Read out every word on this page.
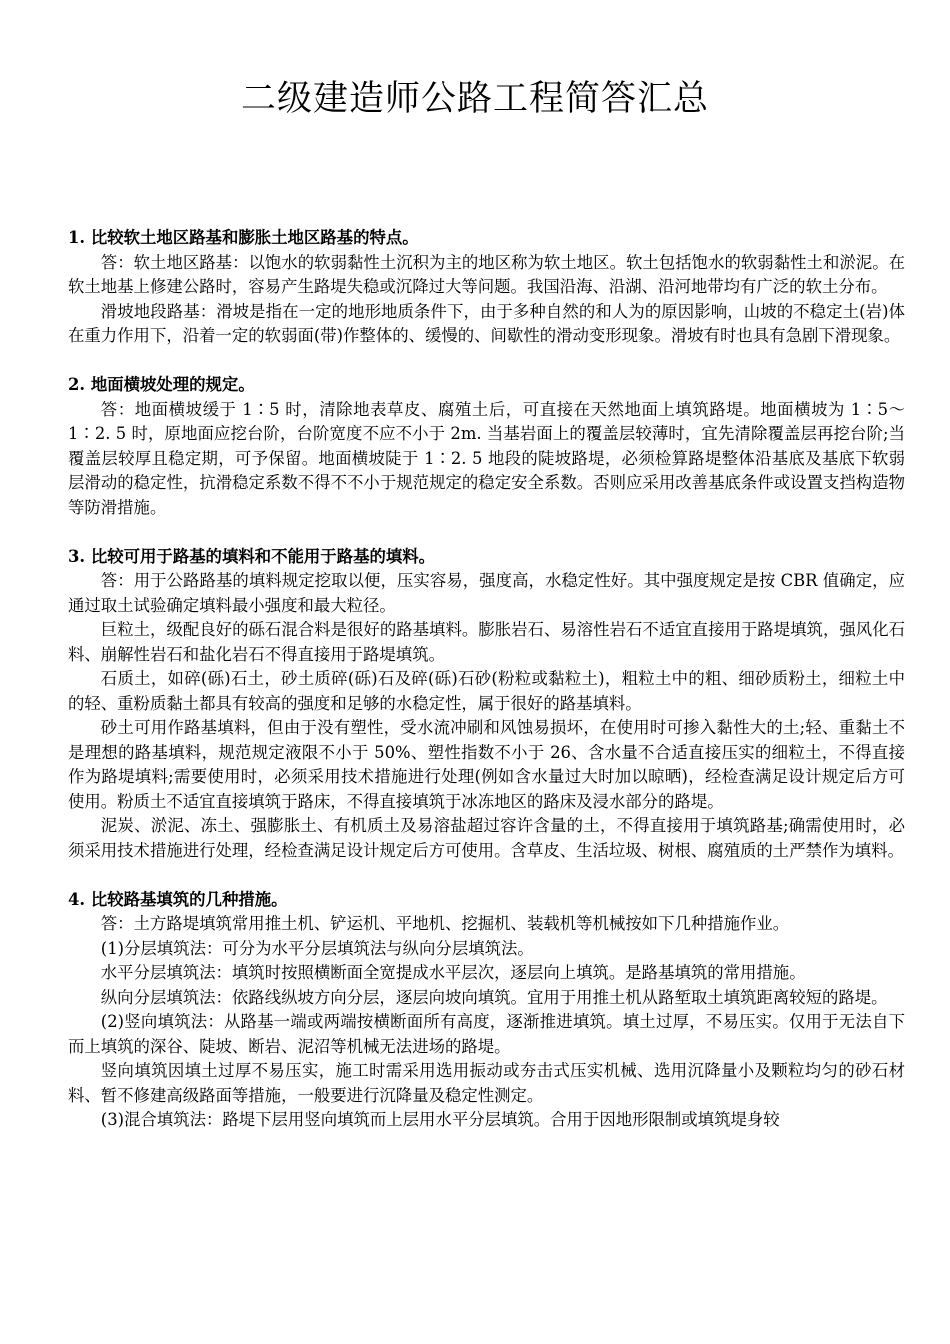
二级建造师公路工程简答汇总

1. 比较软土地区路基和膨胀土地区路基的特点。

答：软土地区路基：以饱水的软弱黏性土沉积为主的地区称为软土地区。软土包括饱水的软弱黏性土和淤泥。在软土地基上修建公路时，容易产生路堤失稳或沉降过大等问题。我国沿海、沿湖、沿河地带均有广泛的软土分布。

滑坡地段路基：滑坡是指在一定的地形地质条件下，由于多种自然的和人为的原因影响，山坡的不稳定土(岩)体在重力作用下，沿着一定的软弱面(带)作整体的、缓慢的、间歇性的滑动变形现象。滑坡有时也具有急剧下滑现象。

2. 地面横坡处理的规定。

答：地面横坡缓于 1∶5 时，清除地表草皮、腐殖土后，可直接在天然地面上填筑路堤。地面横坡为 1∶5～1∶2. 5 时，原地面应挖台阶，台阶宽度不应不小于 2m. 当基岩面上的覆盖层较薄时，宜先清除覆盖层再挖台阶;当覆盖层较厚且稳定期，可予保留。地面横坡陡于 1∶2. 5 地段的陡坡路堤，必须检算路堤整体沿基底及基底下软弱层滑动的稳定性，抗滑稳定系数不得不不小于规范规定的稳定安全系数。否则应采用改善基底条件或设置支挡构造物等防滑措施。

3. 比较可用于路基的填料和不能用于路基的填料。

答：用于公路路基的填料规定挖取以便，压实容易，强度高，水稳定性好。其中强度规定是按 CBR 值确定，应通过取土试验确定填料最小强度和最大粒径。

巨粒土，级配良好的砾石混合料是很好的路基填料。膨胀岩石、易溶性岩石不适宜直接用于路堤填筑，强风化石料、崩解性岩石和盐化岩石不得直接用于路堤填筑。

石质土，如碎(砾)石土，砂土质碎(砾)石及碎(砾)石砂(粉粒或黏粒土)，粗粒土中的粗、细砂质粉土，细粒土中的轻、重粉质黏土都具有较高的强度和足够的水稳定性，属于很好的路基填料。

砂土可用作路基填料，但由于没有塑性，受水流冲刷和风蚀易损坏，在使用时可掺入黏性大的土;轻、重黏土不是理想的路基填料，规范规定液限不小于 50%、塑性指数不小于 26、含水量不合适直接压实的细粒土，不得直接作为路堤填料;需要使用时，必须采用技术措施进行处理(例如含水量过大时加以晾晒)，经检查满足设计规定后方可使用。粉质土不适宜直接填筑于路床，不得直接填筑于冰冻地区的路床及浸水部分的路堤。

泥炭、淤泥、冻土、强膨胀土、有机质土及易溶盐超过容许含量的土，不得直接用于填筑路基;确需使用时，必须采用技术措施进行处理，经检查满足设计规定后方可使用。含草皮、生活垃圾、树根、腐殖质的土严禁作为填料。

4. 比较路基填筑的几种措施。

答：土方路堤填筑常用推土机、铲运机、平地机、挖掘机、装载机等机械按如下几种措施作业。

(1)分层填筑法：可分为水平分层填筑法与纵向分层填筑法。

水平分层填筑法：填筑时按照横断面全宽提成水平层次，逐层向上填筑。是路基填筑的常用措施。

纵向分层填筑法：依路线纵坡方向分层，逐层向坡向填筑。宜用于用推土机从路堑取土填筑距离较短的路堤。

(2)竖向填筑法：从路基一端或两端按横断面所有高度，逐渐推进填筑。填土过厚，不易压实。仅用于无法自下而上填筑的深谷、陡坡、断岩、泥沼等机械无法进场的路堤。

竖向填筑因填土过厚不易压实，施工时需采用选用振动或夯击式压实机械、选用沉降量小及颗粒均匀的砂石材料、暂不修建高级路面等措施，一般要进行沉降量及稳定性测定。

(3)混合填筑法：路堤下层用竖向填筑而上层用水平分层填筑。合用于因地形限制或填筑堤身较
